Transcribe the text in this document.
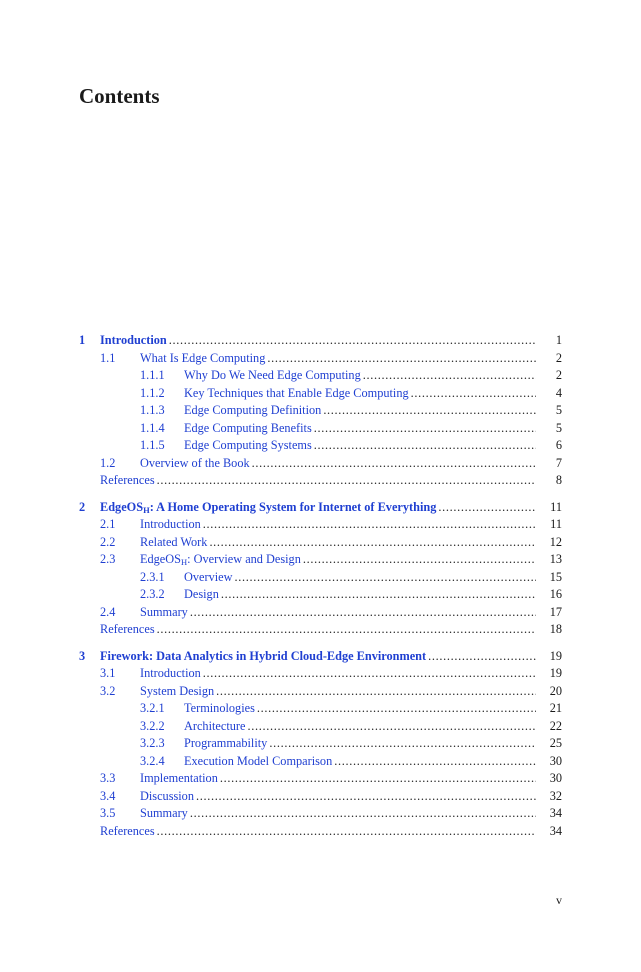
Contents
1 Introduction . . .	1
1.1 What Is Edge Computing . . .	2
1.1.1 Why Do We Need Edge Computing . . .	2
1.1.2 Key Techniques that Enable Edge Computing . . .	4
1.1.3 Edge Computing Definition . . .	5
1.1.4 Edge Computing Benefits . . .	5
1.1.5 Edge Computing Systems . . .	6
1.2 Overview of the Book . . .	7
References . . .	8
2 EdgeOS$_H$: A Home Operating System for Internet of Everything . . .	11
2.1 Introduction . . .	11
2.2 Related Work . . .	12
2.3 EdgeOS$_H$: Overview and Design . . .	13
2.3.1 Overview . . .	15
2.3.2 Design . . .	16
2.4 Summary . . .	17
References . . .	18
3 Firework: Data Analytics in Hybrid Cloud-Edge Environment . . .	19
3.1 Introduction . . .	19
3.2 System Design . . .	20
3.2.1 Terminologies . . .	21
3.2.2 Architecture . . .	22
3.2.3 Programmability . . .	25
3.2.4 Execution Model Comparison . . .	30
3.3 Implementation . . .	30
3.4 Discussion . . .	32
3.5 Summary . . .	34
References . . .	34
v
